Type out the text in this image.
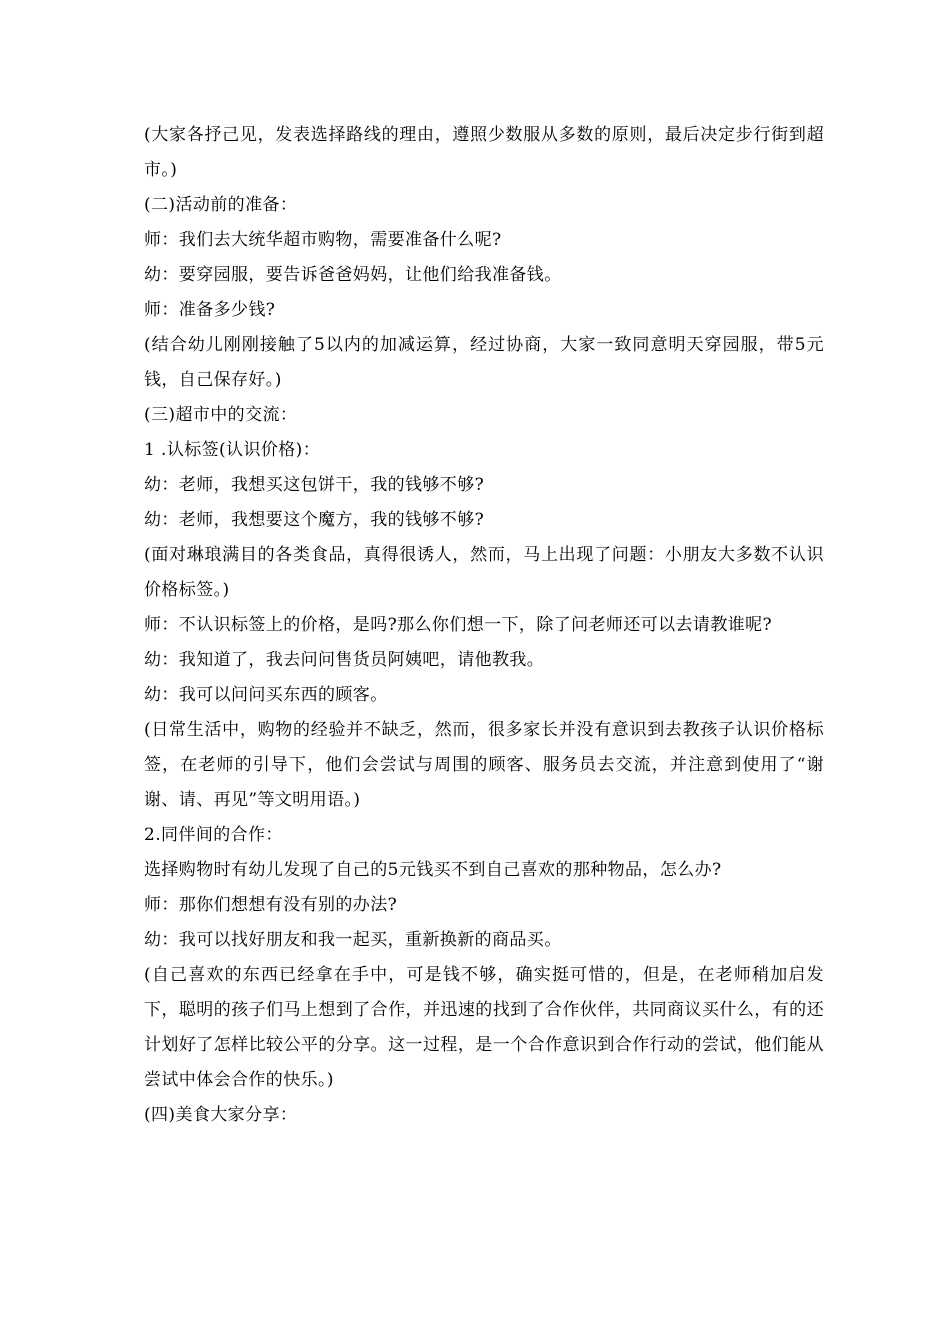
(大家各抒己见，发表选择路线的理由，遵照少数服从多数的原则，最后决定步行街到超市。)

(二)活动前的准备：

师：我们去大统华超市购物，需要准备什么呢?

幼：要穿园服，要告诉爸爸妈妈，让他们给我准备钱。

师：准备多少钱?

(结合幼儿刚刚接触了5以内的加减运算，经过协商，大家一致同意明天穿园服，带5元钱，自己保存好。)

(三)超市中的交流：

1 .认标签(认识价格)：

幼：老师，我想买这包饼干，我的钱够不够?

幼：老师，我想要这个魔方，我的钱够不够?

(面对琳琅满目的各类食品，真得很诱人，然而，马上出现了问题：小朋友大多数不认识价格标签。)

师：不认识标签上的价格，是吗?那么你们想一下，除了问老师还可以去请教谁呢?

幼：我知道了，我去问问售货员阿姨吧，请他教我。

幼：我可以问问买东西的顾客。

(日常生活中，购物的经验并不缺乏，然而，很多家长并没有意识到去教孩子认识价格标签，在老师的引导下，他们会尝试与周围的顾客、服务员去交流，并注意到使用了“谢谢、请、再见”等文明用语。)

2.同伴间的合作：

选择购物时有幼儿发现了自己的5元钱买不到自己喜欢的那种物品，怎么办?

师：那你们想想有没有别的办法?

幼：我可以找好朋友和我一起买，重新换新的商品买。

(自己喜欢的东西已经拿在手中，可是钱不够，确实挺可惜的，但是，在老师稍加启发下，聪明的孩子们马上想到了合作，并迅速的找到了合作伙伴，共同商议买什么，有的还计划好了怎样比较公平的分享。这一过程，是一个合作意识到合作行动的尝试，他们能从尝试中体会合作的快乐。)

(四)美食大家分享：
